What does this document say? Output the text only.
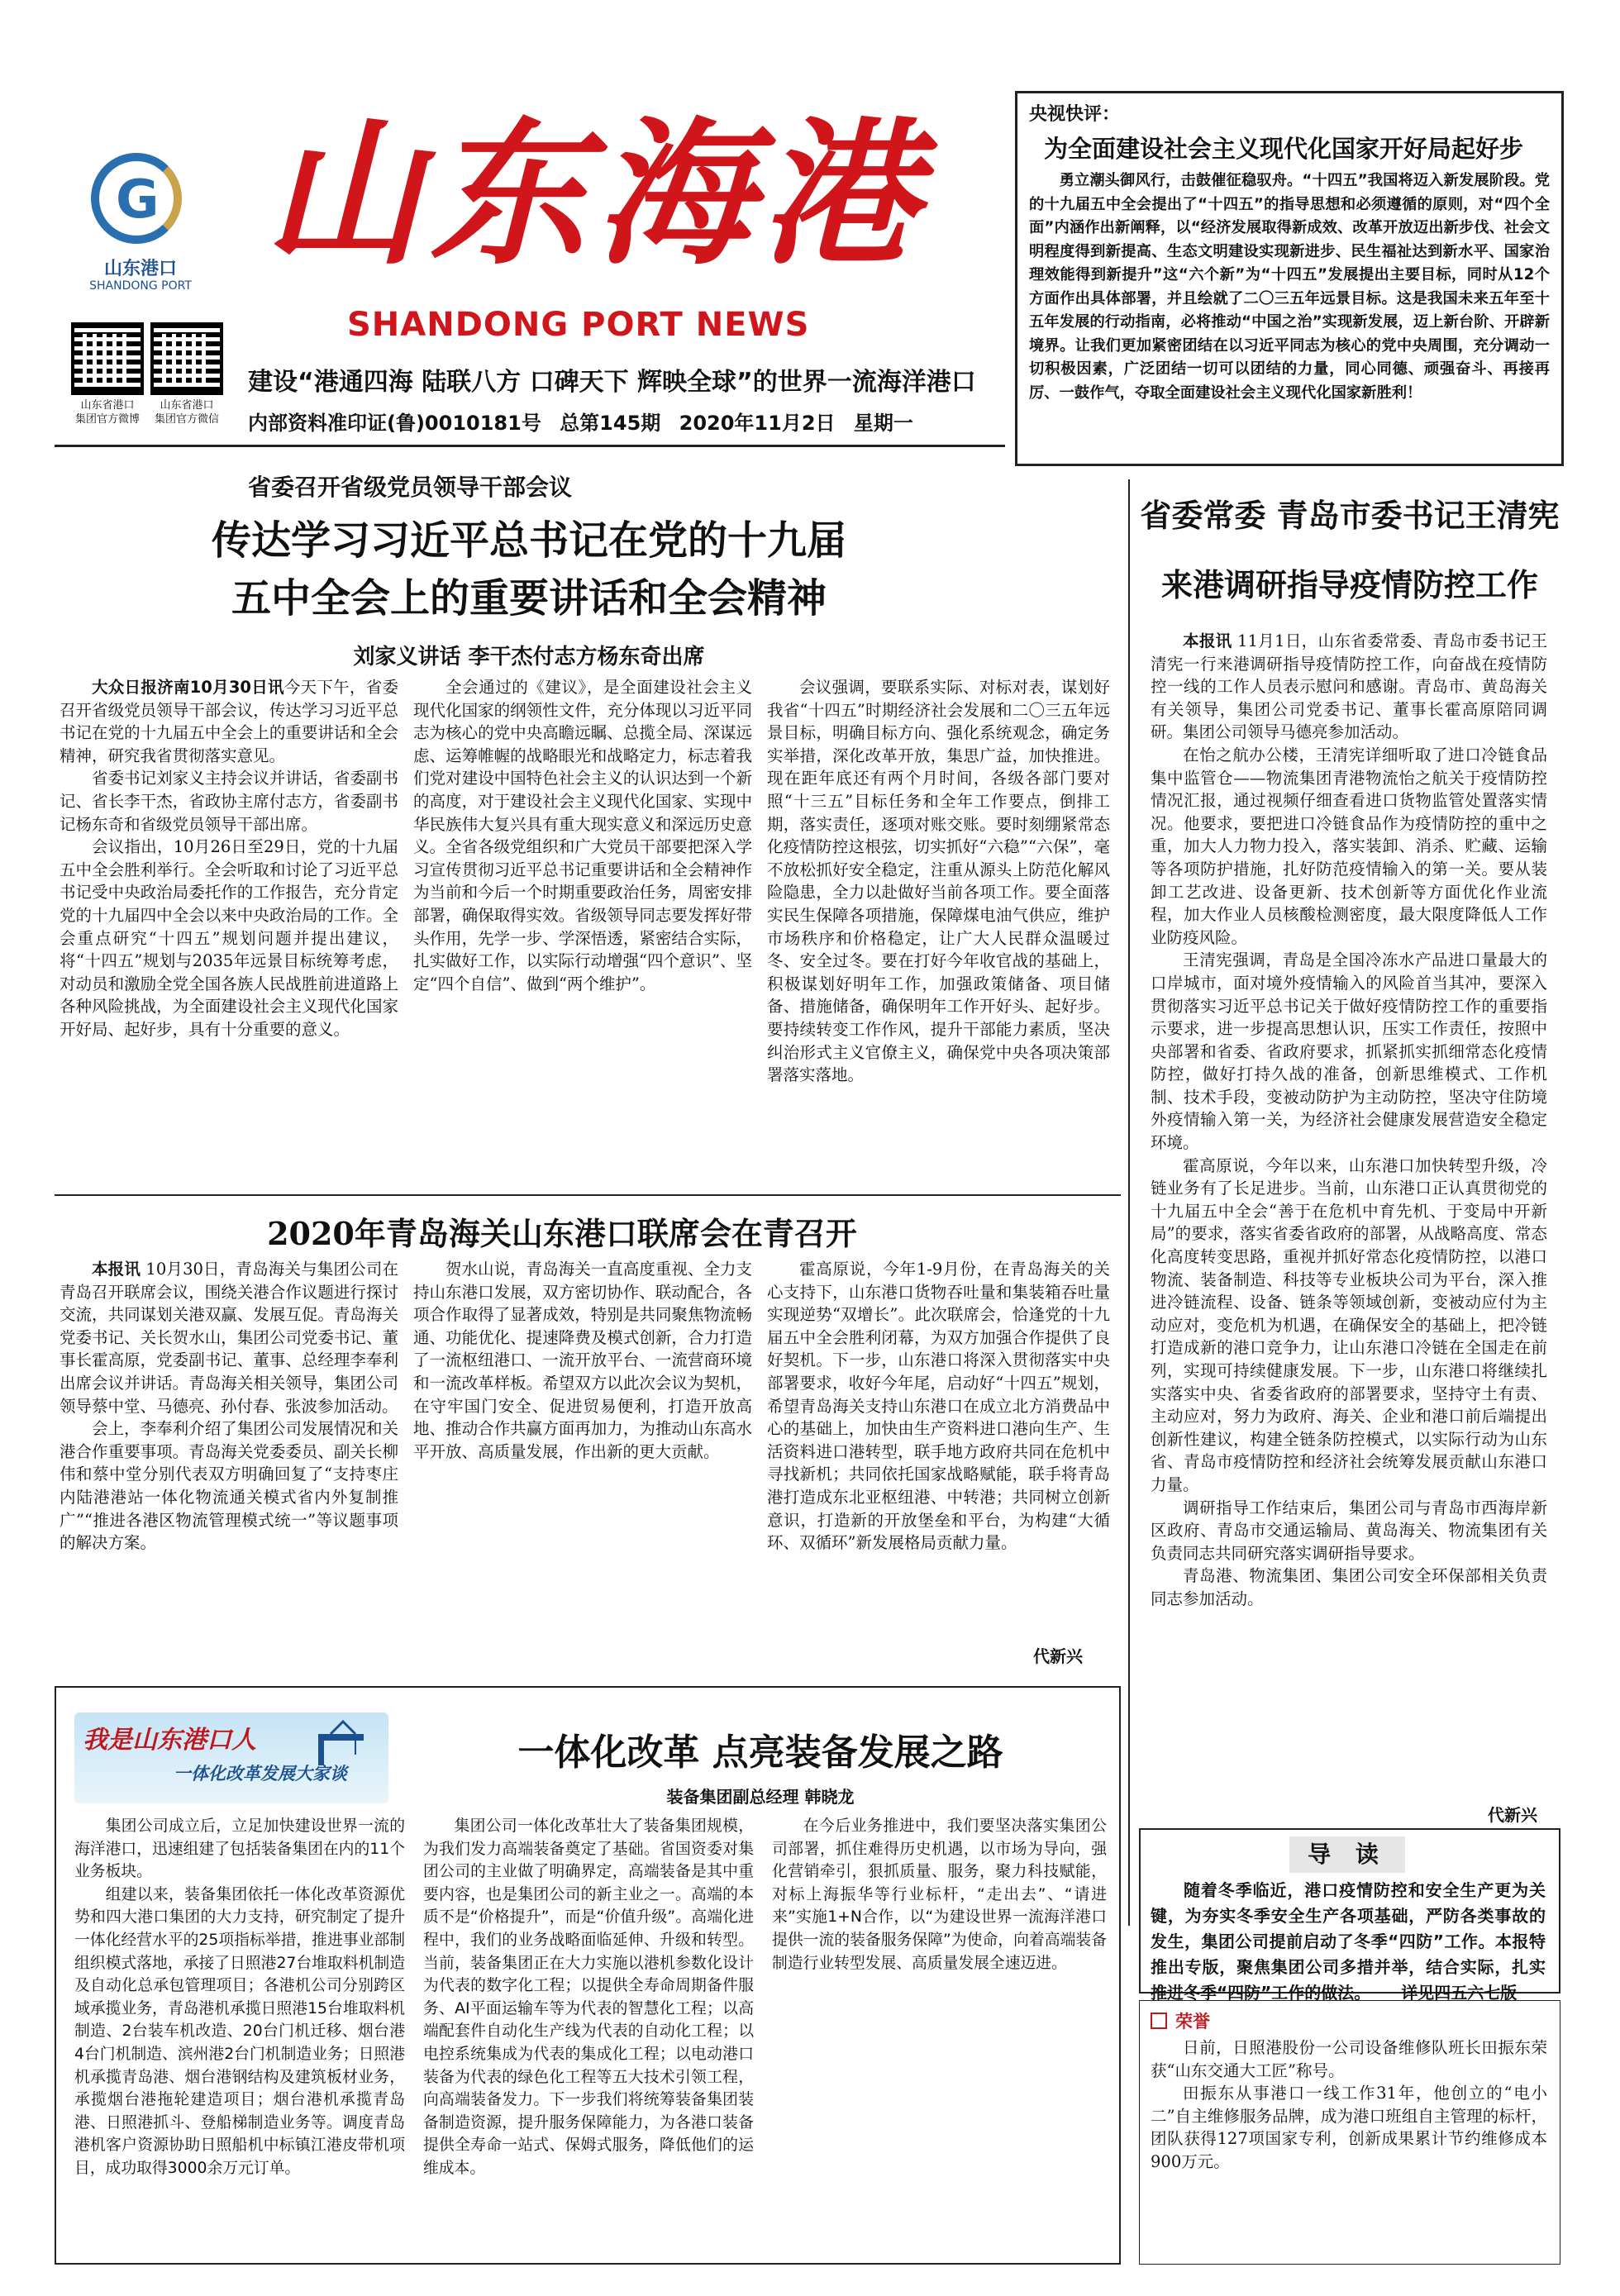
G
山东港口
SHANDONG PORT 山东海港
SHANDONG PORT NEWS
山东省港口
集团官方微博
山东省港口
集团官方微信
建设“港通四海 陆联八方 口碑天下 辉映全球”的世界一流海洋港口
内部资料准印证(鲁)0010181号 总第145期 2020年11月2日 星期一
央视快评：
为全面建设社会主义现代化国家开好局起好步

勇立潮头御风行，击鼓催征稳驭舟。“十四五”我国将迈入新发展阶段。党的十九届五中全会提出了“十四五”的指导思想和必须遵循的原则，对“四个全面”内涵作出新阐释，以“经济发展取得新成效、改革开放迈出新步伐、社会文明程度得到新提高、生态文明建设实现新进步、民生福祉达到新水平、国家治理效能得到新提升”这“六个新”为“十四五”发展提出主要目标，同时从12个方面作出具体部署，并且绘就了二〇三五年远景目标。这是我国未来五年至十五年发展的行动指南，必将推动“中国之治”实现新发展，迈上新台阶、开辟新境界。让我们更加紧密团结在以习近平同志为核心的党中央周围，充分调动一切积极因素，广泛团结一切可以团结的力量，同心同德、顽强奋斗、再接再厉、一鼓作气，夺取全面建设社会主义现代化国家新胜利！

省委召开省级党员领导干部会议
传达学习习近平总书记在党的十九届
五中全会上的重要讲话和全会精神
刘家义讲话 李干杰付志方杨东奇出席

大众日报济南10月30日讯今天下午，省委召开省级党员领导干部会议，传达学习习近平总书记在党的十九届五中全会上的重要讲话和全会精神，研究我省贯彻落实意见。

省委书记刘家义主持会议并讲话，省委副书记、省长李干杰，省政协主席付志方，省委副书记杨东奇和省级党员领导干部出席。

会议指出，10月26日至29日，党的十九届五中全会胜利举行。全会听取和讨论了习近平总书记受中央政治局委托作的工作报告，充分肯定党的十九届四中全会以来中央政治局的工作。全会重点研究“十四五”规划问题并提出建议，将“十四五”规划与2035年远景目标统筹考虑，对动员和激励全党全国各族人民战胜前进道路上各种风险挑战，为全面建设社会主义现代化国家开好局、起好步，具有十分重要的意义。

全会通过的《建议》，是全面建设社会主义现代化国家的纲领性文件，充分体现以习近平同志为核心的党中央高瞻远瞩、总揽全局、深谋远虑、运筹帷幄的战略眼光和战略定力，标志着我们党对建设中国特色社会主义的认识达到一个新的高度，对于建设社会主义现代化国家、实现中华民族伟大复兴具有重大现实意义和深远历史意义。全省各级党组织和广大党员干部要把深入学习宣传贯彻习近平总书记重要讲话和全会精神作为当前和今后一个时期重要政治任务，周密安排部署，确保取得实效。省级领导同志要发挥好带头作用，先学一步、学深悟透，紧密结合实际，扎实做好工作，以实际行动增强“四个意识”、坚定“四个自信”、做到“两个维护”。

会议强调，要联系实际、对标对表，谋划好我省“十四五”时期经济社会发展和二〇三五年远景目标，明确目标方向、强化系统观念，确定务实举措，深化改革开放，集思广益，加快推进。现在距年底还有两个月时间，各级各部门要对照“十三五”目标任务和全年工作要点，倒排工期，落实责任，逐项对账交账。要时刻绷紧常态化疫情防控这根弦，切实抓好“六稳”“六保”，毫不放松抓好安全稳定，注重从源头上防范化解风险隐患，全力以赴做好当前各项工作。要全面落实民生保障各项措施，保障煤电油气供应，维护市场秩序和价格稳定，让广大人民群众温暖过冬、安全过冬。要在打好今年收官战的基础上，积极谋划好明年工作，加强政策储备、项目储备、措施储备，确保明年工作开好头、起好步。要持续转变工作作风，提升干部能力素质，坚决纠治形式主义官僚主义，确保党中央各项决策部署落实落地。

省委常委 青岛市委书记王清宪
来港调研指导疫情防控工作

本报讯 11月1日，山东省委常委、青岛市委书记王清宪一行来港调研指导疫情防控工作，向奋战在疫情防控一线的工作人员表示慰问和感谢。青岛市、黄岛海关有关领导，集团公司党委书记、董事长霍高原陪同调研。集团公司领导马德亮参加活动。

在怡之航办公楼，王清宪详细听取了进口冷链食品集中监管仓——物流集团青港物流怡之航关于疫情防控情况汇报，通过视频仔细查看进口货物监管处置落实情况。他要求，要把进口冷链食品作为疫情防控的重中之重，加大人力物力投入，落实装卸、消杀、贮藏、运输等各项防护措施，扎好防范疫情输入的第一关。要从装卸工艺改进、设备更新、技术创新等方面优化作业流程，加大作业人员核酸检测密度，最大限度降低人工作业防疫风险。

王清宪强调，青岛是全国冷冻水产品进口量最大的口岸城市，面对境外疫情输入的风险首当其冲，要深入贯彻落实习近平总书记关于做好疫情防控工作的重要指示要求，进一步提高思想认识，压实工作责任，按照中央部署和省委、省政府要求，抓紧抓实抓细常态化疫情防控，做好打持久战的准备，创新思维模式、工作机制、技术手段，变被动防护为主动防控，坚决守住防境外疫情输入第一关，为经济社会健康发展营造安全稳定环境。

霍高原说，今年以来，山东港口加快转型升级，冷链业务有了长足进步。当前，山东港口正认真贯彻党的十九届五中全会“善于在危机中育先机、于变局中开新局”的要求，落实省委省政府的部署，从战略高度、常态化高度转变思路，重视并抓好常态化疫情防控，以港口物流、装备制造、科技等专业板块公司为平台，深入推进冷链流程、设备、链条等领域创新，变被动应付为主动应对，变危机为机遇，在确保安全的基础上，把冷链打造成新的港口竞争力，让山东港口冷链在全国走在前列，实现可持续健康发展。下一步，山东港口将继续扎实落实中央、省委省政府的部署要求，坚持守土有责、主动应对，努力为政府、海关、企业和港口前后端提出创新性建议，构建全链条防控模式，以实际行动为山东省、青岛市疫情防控和经济社会统筹发展贡献山东港口力量。

调研指导工作结束后，集团公司与青岛市西海岸新区政府、青岛市交通运输局、黄岛海关、物流集团有关负责同志共同研究落实调研指导要求。

青岛港、物流集团、集团公司安全环保部相关负责同志参加活动。

代新兴
2020年青岛海关山东港口联席会在青召开

本报讯 10月30日，青岛海关与集团公司在青岛召开联席会议，围绕关港合作议题进行探讨交流，共同谋划关港双赢、发展互促。青岛海关党委书记、关长贺水山，集团公司党委书记、董事长霍高原，党委副书记、董事、总经理李奉利出席会议并讲话。青岛海关相关领导，集团公司领导蔡中堂、马德亮、孙付春、张波参加活动。

会上，李奉利介绍了集团公司发展情况和关港合作重要事项。青岛海关党委委员、副关长柳伟和蔡中堂分别代表双方明确回复了“支持枣庄内陆港港站一体化物流通关模式省内外复制推广”“推进各港区物流管理模式统一”等议题事项的解决方案。

贺水山说，青岛海关一直高度重视、全力支持山东港口发展，双方密切协作、联动配合，各项合作取得了显著成效，特别是共同聚焦物流畅通、功能优化、提速降费及模式创新，合力打造了一流枢纽港口、一流开放平台、一流营商环境和一流改革样板。希望双方以此次会议为契机，在守牢国门安全、促进贸易便利，打造开放高地、推动合作共赢方面再加力，为推动山东高水平开放、高质量发展，作出新的更大贡献。

霍高原说，今年1-9月份，在青岛海关的关心支持下，山东港口货物吞吐量和集装箱吞吐量实现逆势“双增长”。此次联席会，恰逢党的十九届五中全会胜利闭幕，为双方加强合作提供了良好契机。下一步，山东港口将深入贯彻落实中央部署要求，收好今年尾，启动好“十四五”规划，希望青岛海关支持山东港口在成立北方消费品中心的基础上，加快由生产资料进口港向生产、生活资料进口港转型，联手地方政府共同在危机中寻找新机；共同依托国家战略赋能，联手将青岛港打造成东北亚枢纽港、中转港；共同树立创新意识，打造新的开放堡垒和平台，为构建“大循环、双循环”新发展格局贡献力量。

代新兴
我是山东港口人
一体化改革发展大家谈	一体化改革 点亮装备发展之路
装备集团副总经理 韩晓龙

集团公司成立后，立足加快建设世界一流的海洋港口，迅速组建了包括装备集团在内的11个业务板块。

组建以来，装备集团依托一体化改革资源优势和四大港口集团的大力支持，研究制定了提升一体化经营水平的25项指标举措，推进事业部制组织模式落地，承接了日照港27台堆取料机制造及自动化总承包管理项目；各港机公司分别跨区域承揽业务，青岛港机承揽日照港15台堆取料机制造、2台装车机改造、20台门机迁移、烟台港4台门机制造、滨州港2台门机制造业务；日照港机承揽青岛港、烟台港钢结构及建筑板材业务，承揽烟台港拖轮建造项目；烟台港机承揽青岛港、日照港抓斗、登船梯制造业务等。调度青岛港机客户资源协助日照船机中标镇江港皮带机项目，成功取得3000余万元订单。

集团公司一体化改革壮大了装备集团规模，为我们发力高端装备奠定了基础。省国资委对集团公司的主业做了明确界定，高端装备是其中重要内容，也是集团公司的新主业之一。高端的本质不是“价格提升”，而是“价值升级”。高端化进程中，我们的业务战略面临延伸、升级和转型。当前，装备集团正在大力实施以港机参数化设计为代表的数字化工程；以提供全寿命周期备件服务、AI平面运输车等为代表的智慧化工程；以高端配套件自动化生产线为代表的自动化工程；以电控系统集成为代表的集成化工程；以电动港口装备为代表的绿色化工程等五大技术引领工程，向高端装备发力。下一步我们将统筹装备集团装备制造资源，提升服务保障能力，为各港口装备提供全寿命一站式、保姆式服务，降低他们的运维成本。

在今后业务推进中，我们要坚决落实集团公司部署，抓住难得历史机遇，以市场为导向，强化营销牵引，狠抓质量、服务，聚力科技赋能，对标上海振华等行业标杆，“走出去”、“请进来”实施1+N合作，以“为建设世界一流海洋港口提供一流的装备服务保障”为使命，向着高端装备制造行业转型发展、高质量发展全速迈进。

导 读

随着冬季临近，港口疫情防控和安全生产更为关键，为夯实冬季安全生产各项基础，严防各类事故的发生，集团公司提前启动了冬季“四防”工作。本报特推出专版，聚焦集团公司多措并举，结合实际，扎实推进冬季“四防”工作的做法。 详见四五六七版

荣誉

日前，日照港股份一公司设备维修队班长田振东荣获“山东交通大工匠”称号。

田振东从事港口一线工作31年，他创立的“电小二”自主维修服务品牌，成为港口班组自主管理的标杆，团队获得127项国家专利，创新成果累计节约维修成本900万元。
